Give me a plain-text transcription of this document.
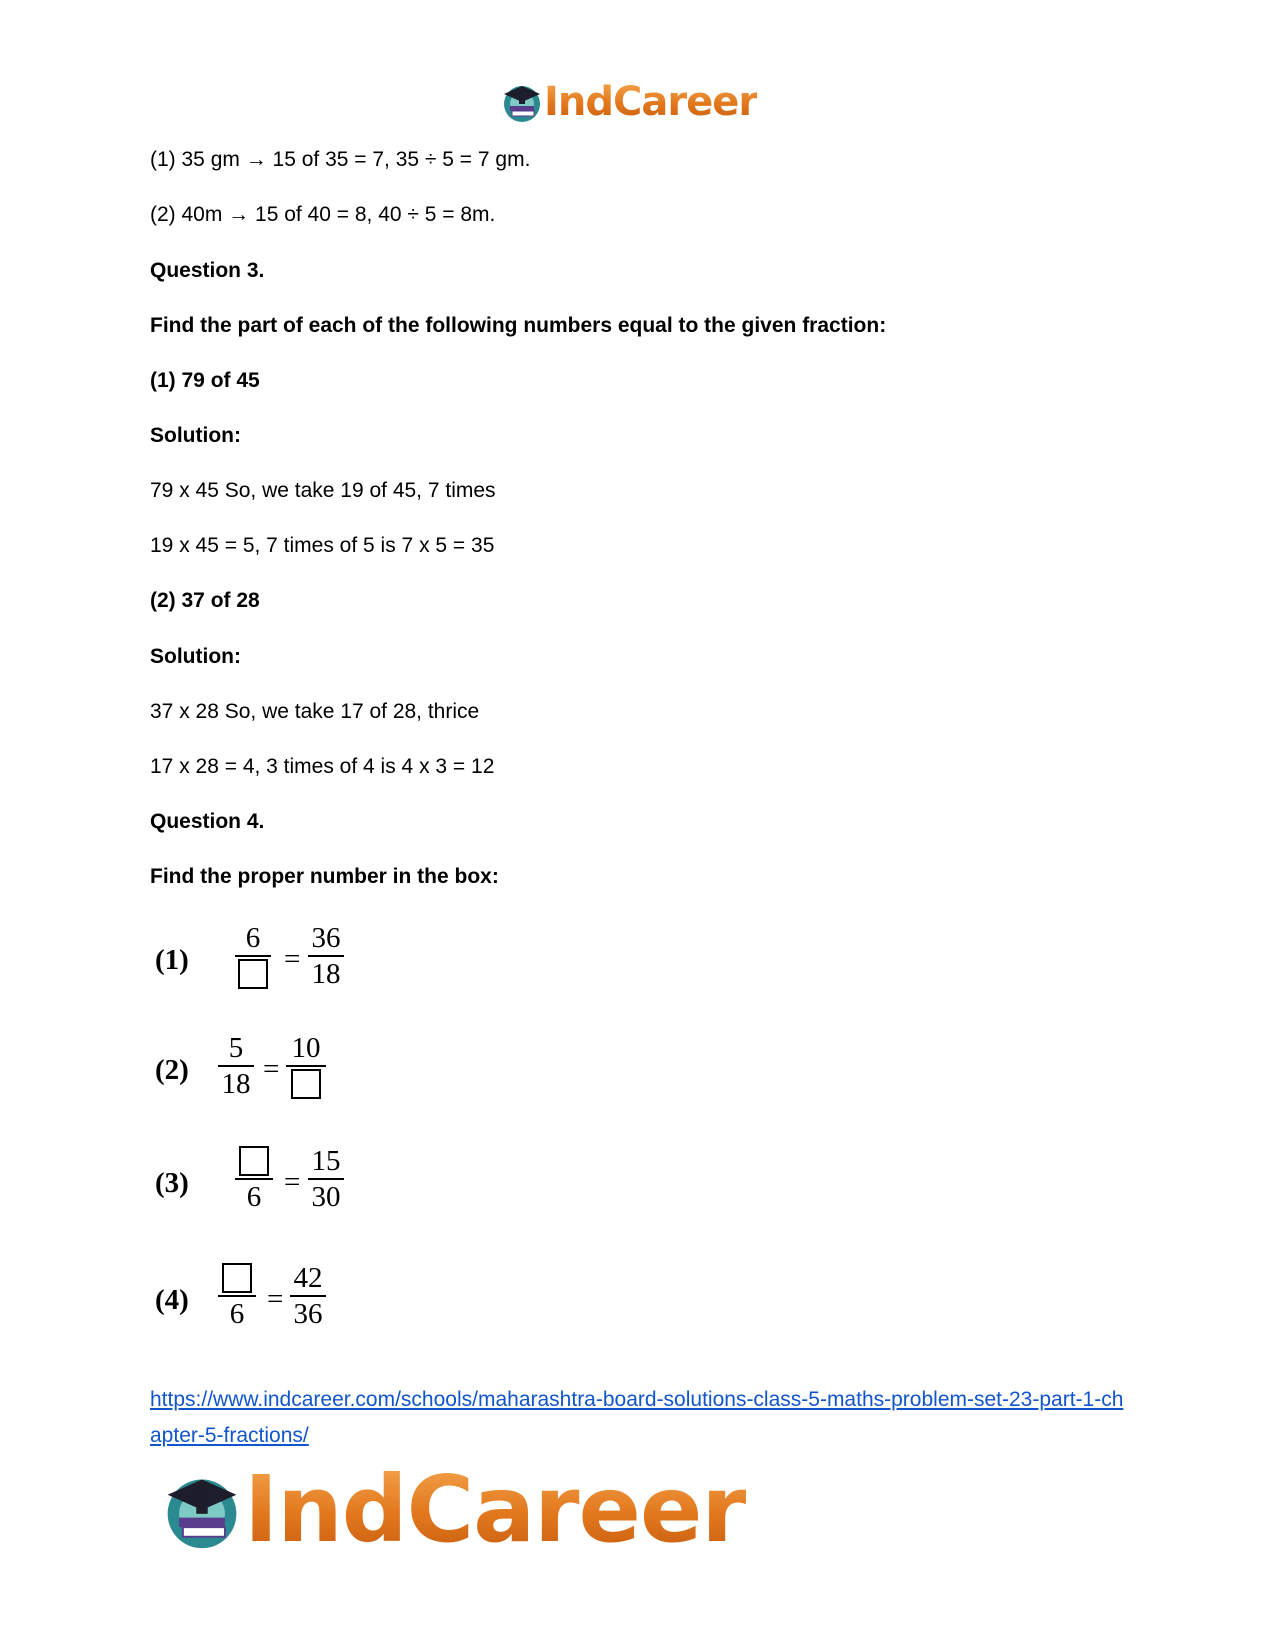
IndCareer
(1) 35 gm → 15 of 35 = 7, 35 ÷ 5 = 7 gm.
(2) 40m → 15 of 40 = 8, 40 ÷ 5 = 8m.
Question 3.
Find the part of each of the following numbers equal to the given fraction:
(1) 79 of 45
Solution:
79 x 45 So, we take 19 of 45, 7 times
19 x 45 = 5, 7 times of 5 is 7 x 5 = 35
(2) 37 of 28
Solution:
37 x 28 So, we take 17 of 28, thrice
17 x 28 = 4, 3 times of 4 is 4 x 3 = 12
Question 4.
Find the proper number in the box:
(1)
6
=
36
18
(2)
5
18 =
10
(3) 6 =
15
30
(4) 6 =
42
36
https://www.indcareer.com/schools/maharashtra-board-solutions-class-5-maths-problem-set-23-part-1-chapter-5-fractions/
IndCareer
